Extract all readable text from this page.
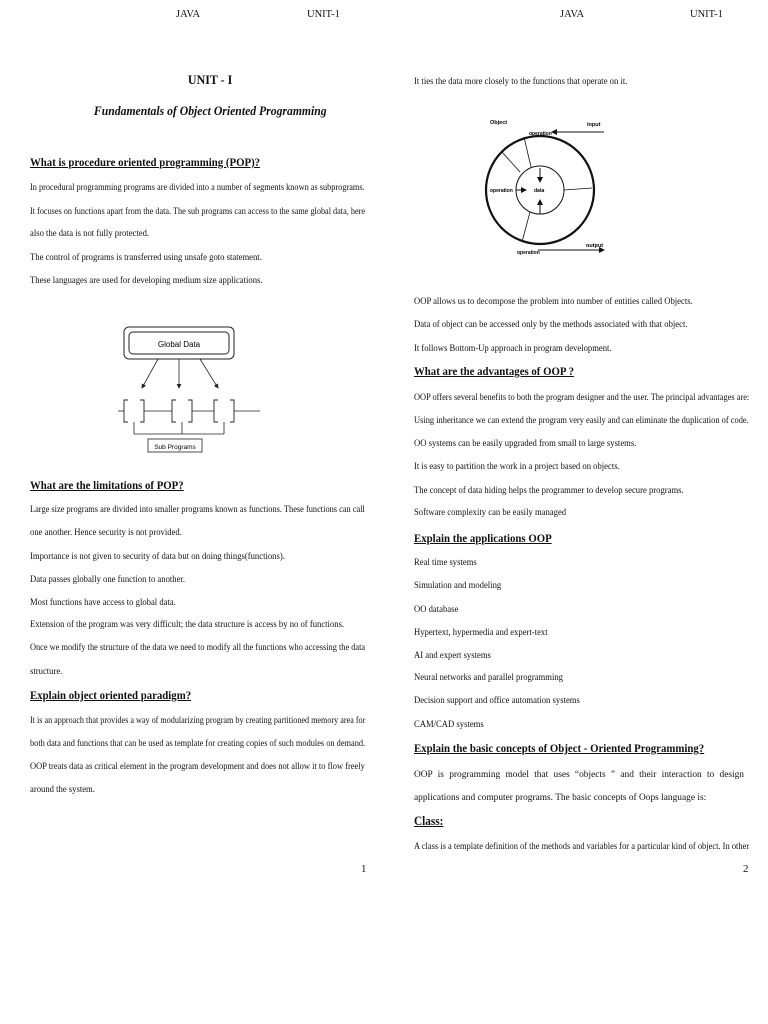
JAVA	UNIT-1
UNIT - I
Fundamentals of Object Oriented Programming
What is procedure oriented programming (POP)?
In procedural programming programs are divided into a number of segments known as subprograms.
It focuses on functions apart from the data. The sub programs can access to the same global data, here
also the data is not fully protected.
The control of programs is transferred using unsafe goto statement.
These languages are used for developing medium size applications.
Global Data
Sub Programs
What are the limitations of POP?
Large size programs are divided into smaller programs known as functions. These functions can call
one another. Hence security is not provided.
Importance is not given to security of data but on doing things(functions).
Data passes globally one function to another.
Most functions have access to global data.
Extension of the program was very difficult; the data structure is access by no of functions.
Once we modify the structure of the data we need to modify all the functions who accessing the data
structure.
Explain object oriented paradigm?
It is an approach that provides a way of modularizing program by creating partitioned memory area for
both data and functions that can be used as template for creating copies of such modules on demand.
OOP treats data as critical element in the program development and does not allow it to flow freely
around the system.
1
JAVA	UNIT-1
It ties the data more closely to the functions that operate on it.
Object	input
operation
operation	data
operation
output
OOP allows us to decompose the problem into number of entities called Objects.
Data of object can be accessed only by the methods associated with that object.
It follows Bottom-Up approach in program development.
What are the advantages of OOP ?
OOP offers several benefits to both the program designer and the user. The principal advantages are:
Using inheritance we can extend the program very easily and can eliminate the duplication of code.
OO systems can be easily upgraded from small to large systems.
It is easy to partition the work in a project based on objects.
The concept of data hiding helps the programmer to develop secure programs.
Software complexity can be easily managed
Explain the applications OOP
Real time systems
Simulation and modeling
OO database
Hypertext, hypermedia and expert-text
AI and expert systems
Neural networks and parallel programming
Decision support and office automation systems
CAM/CAD systems
Explain the basic concepts of Object - Oriented Programming?
OOP is programming model that uses “objects ” and their interaction to design applications and computer programs. The basic concepts of Oops language is:
Class:
A class is a template definition of the methods and variables for a particular kind of object. In other
2
